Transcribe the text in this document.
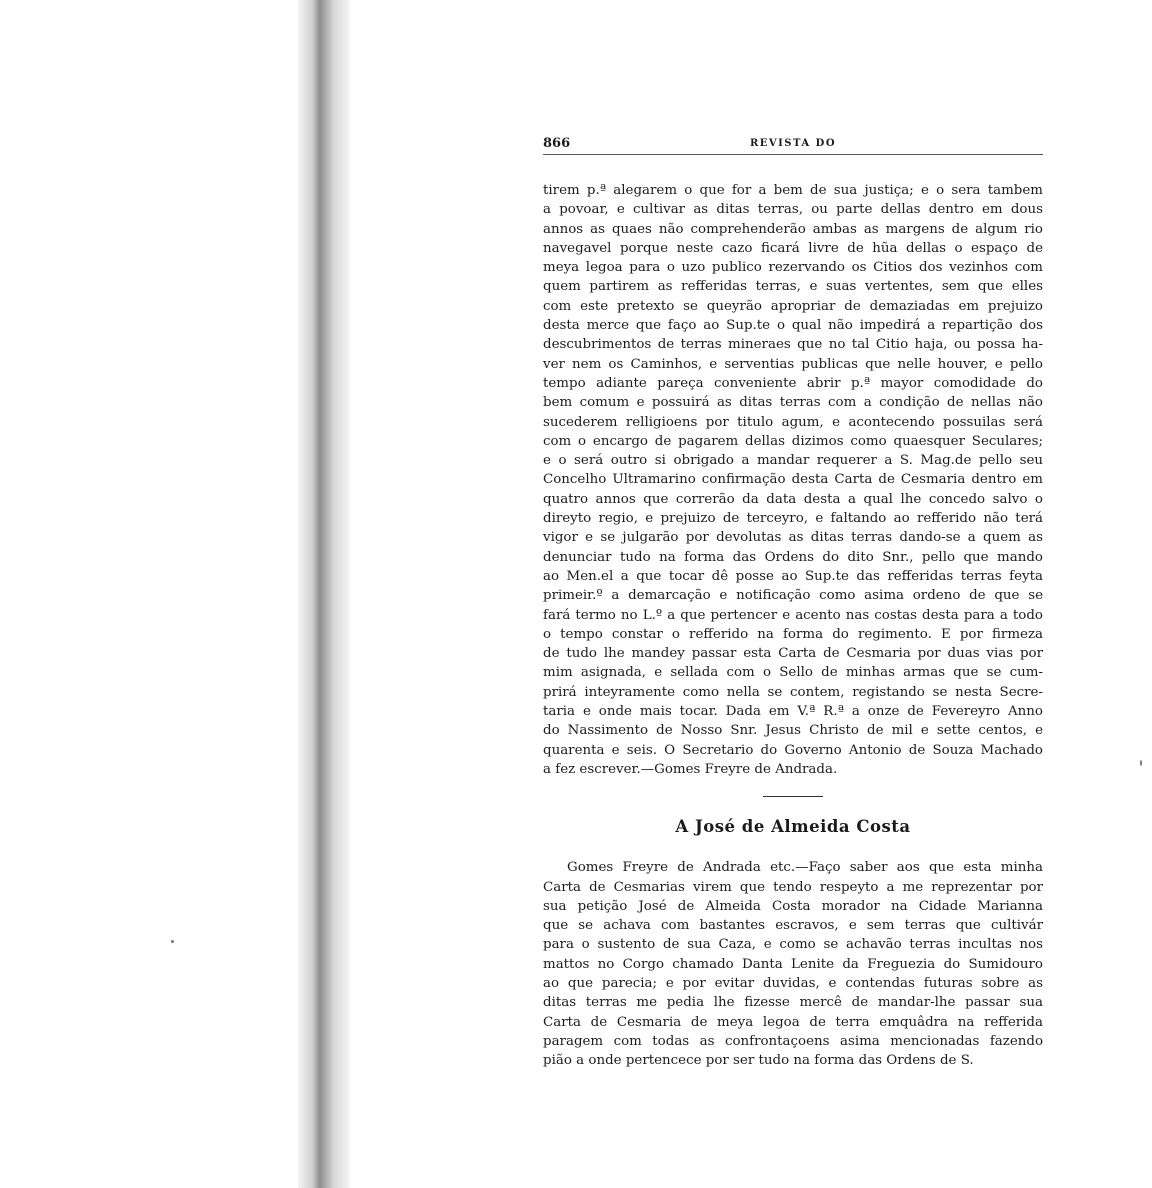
866	REVISTA DO
tirem p.ª alegarem o que for a bem de sua justiça; e o sera tambem
a povoar, e cultivar as ditas terras, ou parte dellas dentro em dous
annos as quaes não comprehenderão ambas as margens de algum rio
navegavel porque neste cazo ficará livre de hũa dellas o espaço de
meya legoa para o uzo publico rezervando os Citios dos vezinhos com
quem partirem as refferidas terras, e suas vertentes, sem que elles
com este pretexto se queyrão apropriar de demaziadas em prejuizo
desta merce que faço ao Sup.te o qual não impedirá a repartição dos
descubrimentos de terras mineraes que no tal Citio haja, ou possa ha-
ver nem os Caminhos, e serventias publicas que nelle houver, e pello
tempo adiante pareça conveniente abrir p.ª mayor comodidade do
bem comum e possuirá as ditas terras com a condição de nellas não
sucederem relligioens por titulo agum, e acontecendo possuilas será
com o encargo de pagarem dellas dizimos como quaesquer Seculares;
e o será outro si obrigado a mandar requerer a S. Mag.de pello seu
Concelho Ultramarino confirmação desta Carta de Cesmaria dentro em
quatro annos que correrão da data desta a qual lhe concedo salvo o
direyto regio, e prejuizo de terceyro, e faltando ao refferido não terá
vigor e se julgarão por devolutas as ditas terras dando-se a quem as
denunciar tudo na forma das Ordens do dito Snr., pello que mando
ao Men.el a que tocar dê posse ao Sup.te das refferidas terras feyta
primeir.º a demarcação e notificação como asima ordeno de que se
fará termo no L.º a que pertencer e acento nas costas desta para a todo
o tempo constar o refferido na forma do regimento. E por firmeza
de tudo lhe mandey passar esta Carta de Cesmaria por duas vias por
mim asignada, e sellada com o Sello de minhas armas que se cum-
prirá inteyramente como nella se contem, registando se nesta Secre-
taria e onde mais tocar. Dada em V.ª R.ª a onze de Fevereyro Anno
do Nassimento de Nosso Snr. Jesus Christo de mil e sette centos, e
quarenta e seis. O Secretario do Governo Antonio de Souza Machado
a fez escrever.—Gomes Freyre de Andrada.
A José de Almeida Costa
Gomes Freyre de Andrada etc.—Faço saber aos que esta minha
Carta de Cesmarias virem que tendo respeyto a me reprezentar por
sua petição José de Almeida Costa morador na Cidade Marianna
que se achava com bastantes escravos, e sem terras que cultivár
para o sustento de sua Caza, e como se achavão terras incultas nos
mattos no Corgo chamado Danta Lenite da Freguezia do Sumidouro
ao que parecia; e por evitar duvidas, e contendas futuras sobre as
ditas terras me pedia lhe fizesse mercê de mandar-lhe passar sua
Carta de Cesmaria de meya legoa de terra emquâdra na refferida
paragem com todas as confrontaçoens asima mencionadas fazendo
pião a onde pertencece por ser tudo na forma das Ordens de S.
